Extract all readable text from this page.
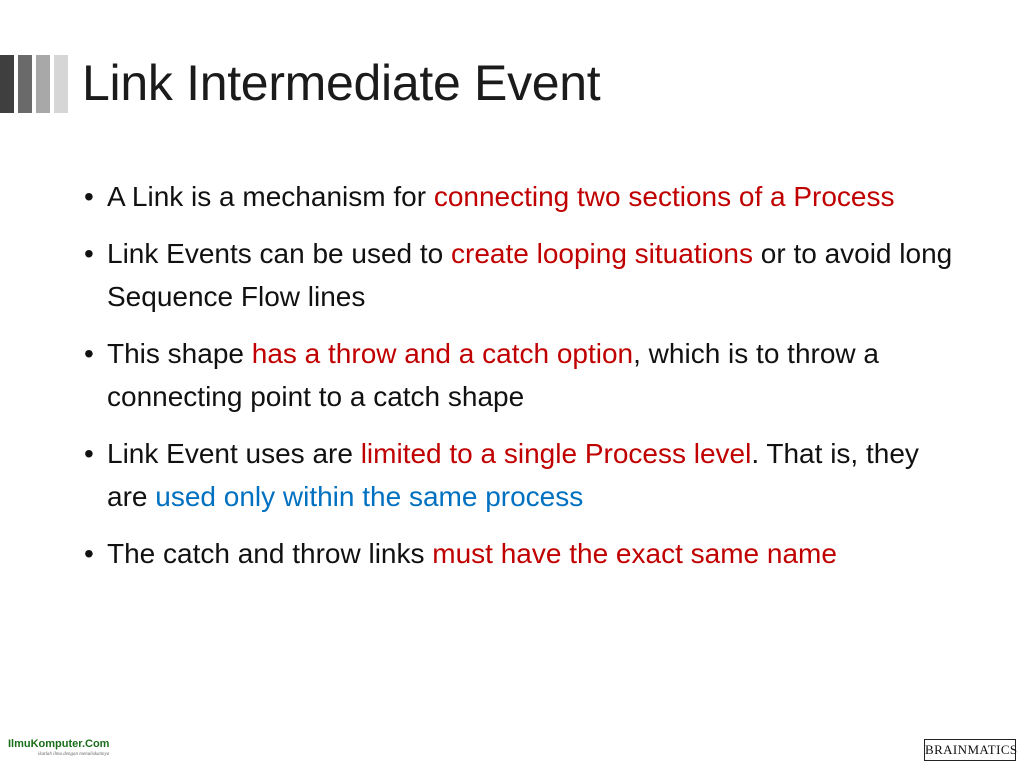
Link Intermediate Event
• A Link is a mechanism for connecting two sections of a Process
• Link Events can be used to create looping situations or to avoid long Sequence Flow lines
• This shape has a throw and a catch option, which is to throw a connecting point to a catch shape
• Link Event uses are limited to a single Process level. That is, they are used only within the same process
• The catch and throw links must have the exact same name
IlmuKomputer.Com
ikatlah ilmu dengan menuliskannya	BRAINMATICS
